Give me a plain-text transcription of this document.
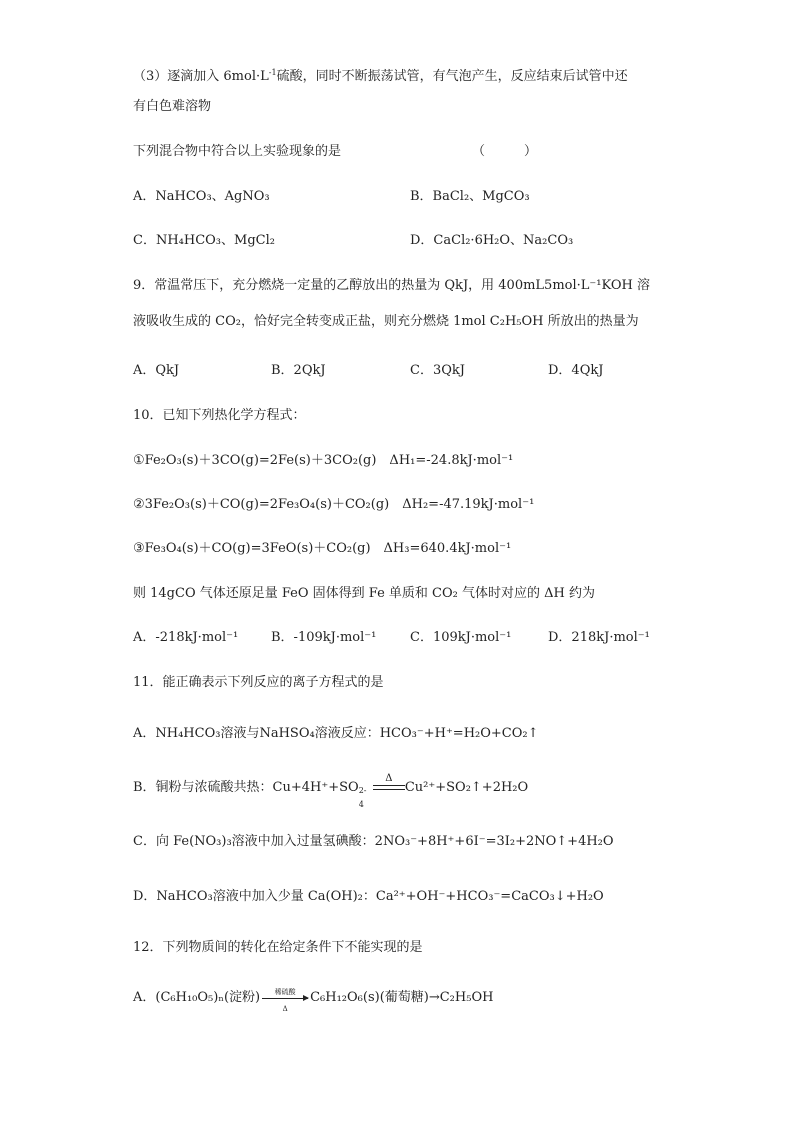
（3）逐滴加入 $6mol\cdot L^{-1}$硫酸，同时不断振荡试管，有气泡产生，反应结束后试管中还
有白色难溶物
下列混合物中符合以上实验现象的是	（　　　）
A．NaHCO₃、AgNO₃	B．BaCl₂、MgCO₃
C．NH₄HCO₃、MgCl₂	D．CaCl₂·6H₂O、Na₂CO₃
9．常温常压下，充分燃烧一定量的乙醇放出的热量为 QkJ，用 400mL5mol·L⁻¹KOH 溶
液吸收生成的 CO₂，恰好完全转变成正盐，则充分燃烧 1mol C₂H₅OH 所放出的热量为
A．QkJ	B．2QkJ	C．3QkJ	D．4QkJ
10．已知下列热化学方程式：
①Fe₂O₃(s)＋3CO(g)=2Fe(s)＋3CO₂(g)　ΔH₁=-24.8kJ·mol⁻¹
②3Fe₂O₃(s)＋CO(g)=2Fe₃O₄(s)＋CO₂(g)　ΔH₂=-47.19kJ·mol⁻¹
③Fe₃O₄(s)＋CO(g)=3FeO(s)＋CO₂(g)　ΔH₃=640.4kJ·mol⁻¹
则 14gCO 气体还原足量 FeO 固体得到 Fe 单质和 CO₂ 气体时对应的 ΔH 约为
A．-218kJ·mol⁻¹	B．-109kJ·mol⁻¹	C．109kJ·mol⁻¹	D．218kJ·mol⁻¹
11．能正确表示下列反应的离子方程式的是
A．NH₄HCO₃溶液与NaHSO₄溶液反应：HCO₃⁻+H⁺=H₂O+CO₂↑
B．铜粉与浓硫酸共热：Cu+4H⁺+SO 2-
4

Δ
Cu²⁺+SO₂↑+2H₂O
C．向 Fe(NO₃)₃溶液中加入过量氢碘酸：2NO₃⁻+8H⁺+6I⁻=3I₂+2NO↑+4H₂O
D．NaHCO₃溶液中加入少量 Ca(OH)₂：Ca²⁺+OH⁻+HCO₃⁻=CaCO₃↓+H₂O
12．下列物质间的转化在给定条件下不能实现的是
A．(C₆H₁₀O₅)ₙ(淀粉)	稀硫酸
Δ
C₆H₁₂O₆(s)(葡萄糖)→C₂H₅OH
